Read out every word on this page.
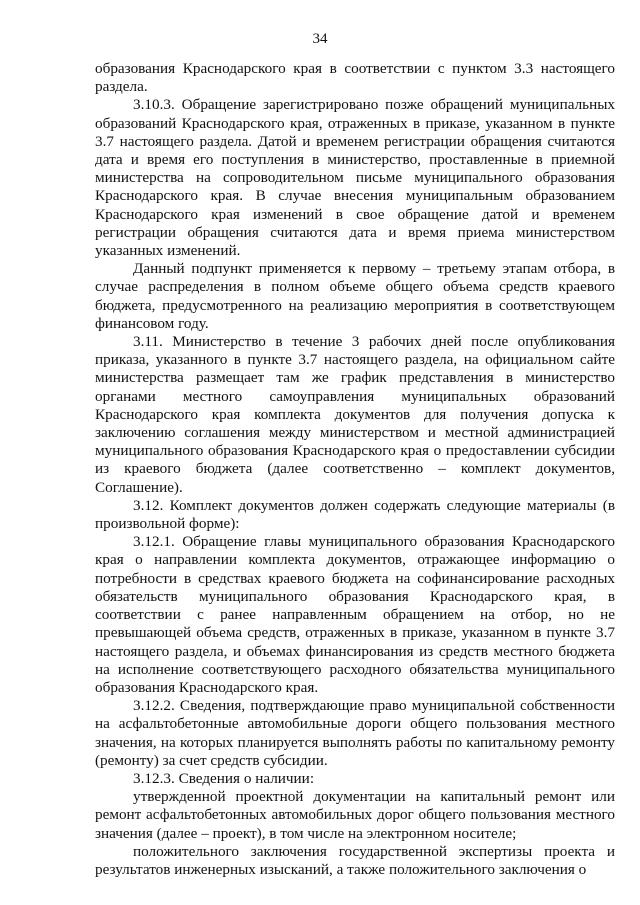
34

образования Краснодарского края в соответствии с пунктом 3.3 настоящего раздела.

3.10.3. Обращение зарегистрировано позже обращений муниципальных образований Краснодарского края, отраженных в приказе, указанном в пункте 3.7 настоящего раздела. Датой и временем регистрации обращения считаются дата и время его поступления в министерство, проставленные в приемной министерства на сопроводительном письме муниципального образования Краснодарского края. В случае внесения муниципальным образованием Краснодарского края изменений в свое обращение датой и временем регистрации обращения считаются дата и время приема министерством указанных изменений.

Данный подпункт применяется к первому – третьему этапам отбора, в случае распределения в полном объеме общего объема средств краевого бюджета, предусмотренного на реализацию мероприятия в соответствующем финансовом году.

3.11. Министерство в течение 3 рабочих дней после опубликования приказа, указанного в пункте 3.7 настоящего раздела, на официальном сайте министерства размещает там же график представления в министерство органами местного самоуправления муниципальных образований Краснодарского края комплекта документов для получения допуска к заключению соглашения между министерством и местной администрацией муниципального образования Краснодарского края о предоставлении субсидии из краевого бюджета (далее соответственно – комплект документов, Соглашение).

3.12. Комплект документов должен содержать следующие материалы (в произвольной форме):

3.12.1. Обращение главы муниципального образования Краснодарского края о направлении комплекта документов, отражающее информацию о потребности в средствах краевого бюджета на софинансирование расходных обязательств муниципального образования Краснодарского края, в соответствии с ранее направленным обращением на отбор, но не превышающей объема средств, отраженных в приказе, указанном в пункте 3.7 настоящего раздела, и объемах финансирования из средств местного бюджета на исполнение соответствующего расходного обязательства муниципального образования Краснодарского края.

3.12.2. Сведения, подтверждающие право муниципальной собственности на асфальтобетонные автомобильные дороги общего пользования местного значения, на которых планируется выполнять работы по капитальному ремонту (ремонту) за счет средств субсидии.

3.12.3. Сведения о наличии:

утвержденной проектной документации на капитальный ремонт или ремонт асфальтобетонных автомобильных дорог общего пользования местного значения (далее – проект), в том числе на электронном носителе;

положительного заключения государственной экспертизы проекта и результатов инженерных изысканий, а также положительного заключения о
